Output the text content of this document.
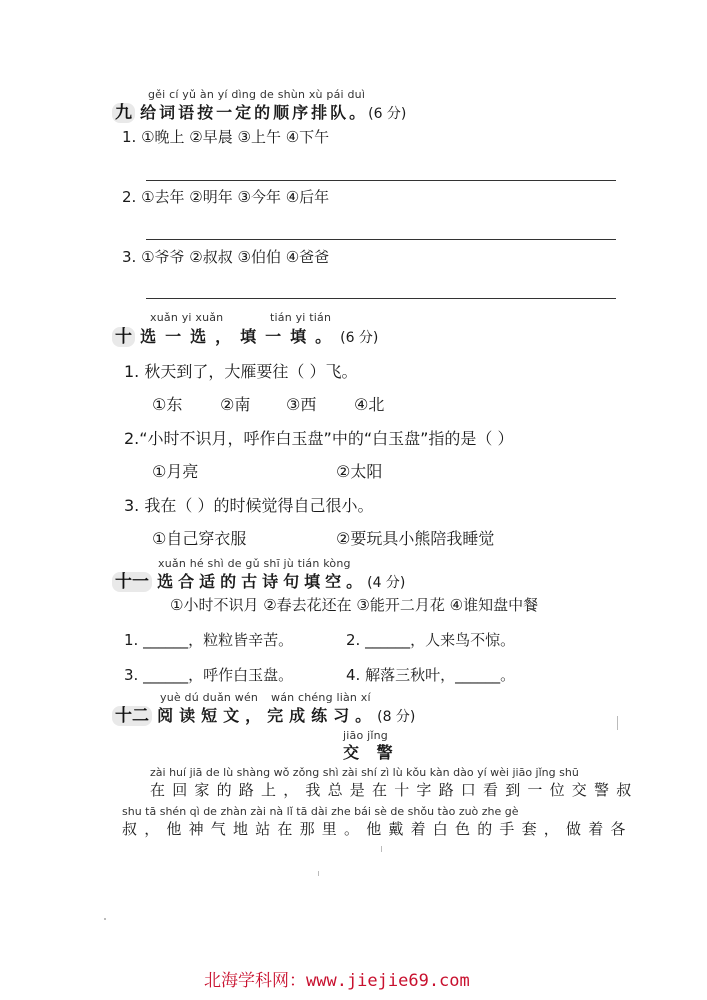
gěi cí yǔ àn yí dìng de shùn xù pái duì
九 给词语按一定的顺序排队。(6 分)
1. ①晚上 ②早晨 ③上午 ④下午
2. ①去年 ②明年 ③今年 ④后年
3. ①爷爷 ②叔叔 ③伯伯 ④爸爸
xuǎn yi xuǎn	tián yi tián
十 选一选，填一填。(6 分)
1. 秋天到了，大雁要往（ ）飞。
①东 ②南 ③西 ④北
2.“小时不识月，呼作白玉盘”中的“白玉盘”指的是（ ）
①月亮	②太阳
3. 我在（ ）的时候觉得自己很小。
①自己穿衣服	②要玩具小熊陪我睡觉
xuǎn hé shì de gǔ shī jù tián kòng
十一 选合适的古诗句填空。(4 分)
①小时不识月 ②春去花还在 ③能开二月花 ④谁知盘中餐
1. ______，粒粒皆辛苦。	2. ______，人来鸟不惊。
3. ______，呼作白玉盘。	4. 解落三秋叶，______。
yuè dú duǎn wén wán chéng liàn xí
十二 阅读短文，完成练习。(8 分)
jiāo jǐng
交 警
zài huí jiā de lù shàng wǒ zǒng shì zài shí zì lù kǒu kàn dào yí wèi jiāo jǐng shū
在回家的路上，我总是在十字路口看到一位交警叔
shu tā shén qì de zhàn zài nà lǐ tā dài zhe bái sè de shǒu tào zuò zhe gè
叔，他神气地站在那里。他戴着白色的手套，做着各
北海学科网：www.jiejie69.com
